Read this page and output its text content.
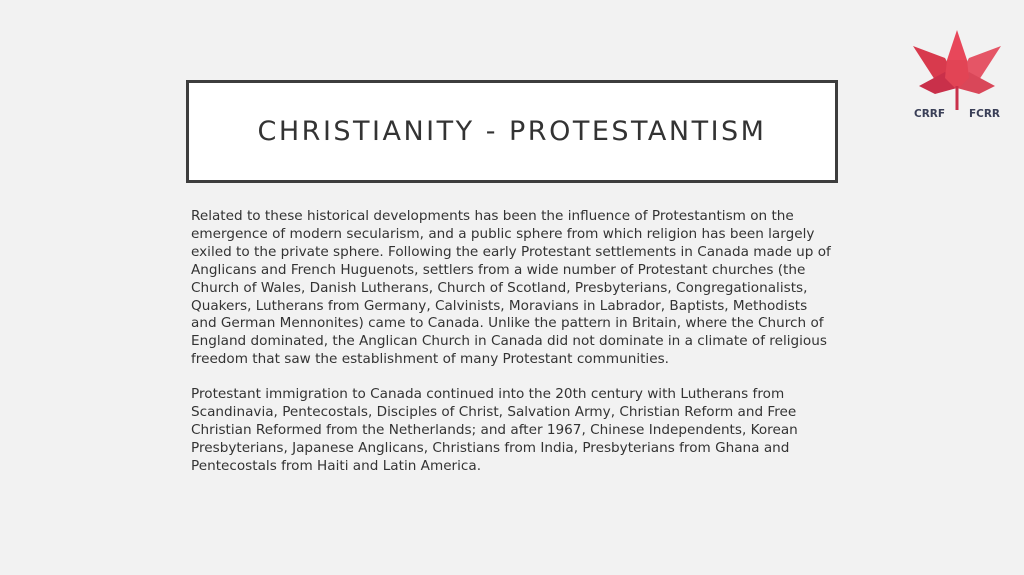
CRRF FCRR
CHRISTIANITY - PROTESTANTISM

Related to these historical developments has been the influence of Protestantism on the emergence of modern secularism, and a public sphere from which religion has been largely exiled to the private sphere. Following the early Protestant settlements in Canada made up of Anglicans and French Huguenots, settlers from a wide number of Protestant churches (the Church of Wales, Danish Lutherans, Church of Scotland, Presbyterians, Congregationalists, Quakers, Lutherans from Germany, Calvinists, Moravians in Labrador, Baptists, Methodists and German Mennonites) came to Canada. Unlike the pattern in Britain, where the Church of England dominated, the Anglican Church in Canada did not dominate in a climate of religious freedom that saw the establishment of many Protestant communities.

Protestant immigration to Canada continued into the 20th century with Lutherans from Scandinavia, Pentecostals, Disciples of Christ, Salvation Army, Christian Reform and Free Christian Reformed from the Netherlands; and after 1967, Chinese Independents, Korean Presbyterians, Japanese Anglicans, Christians from India, Presbyterians from Ghana and Pentecostals from Haiti and Latin America.
